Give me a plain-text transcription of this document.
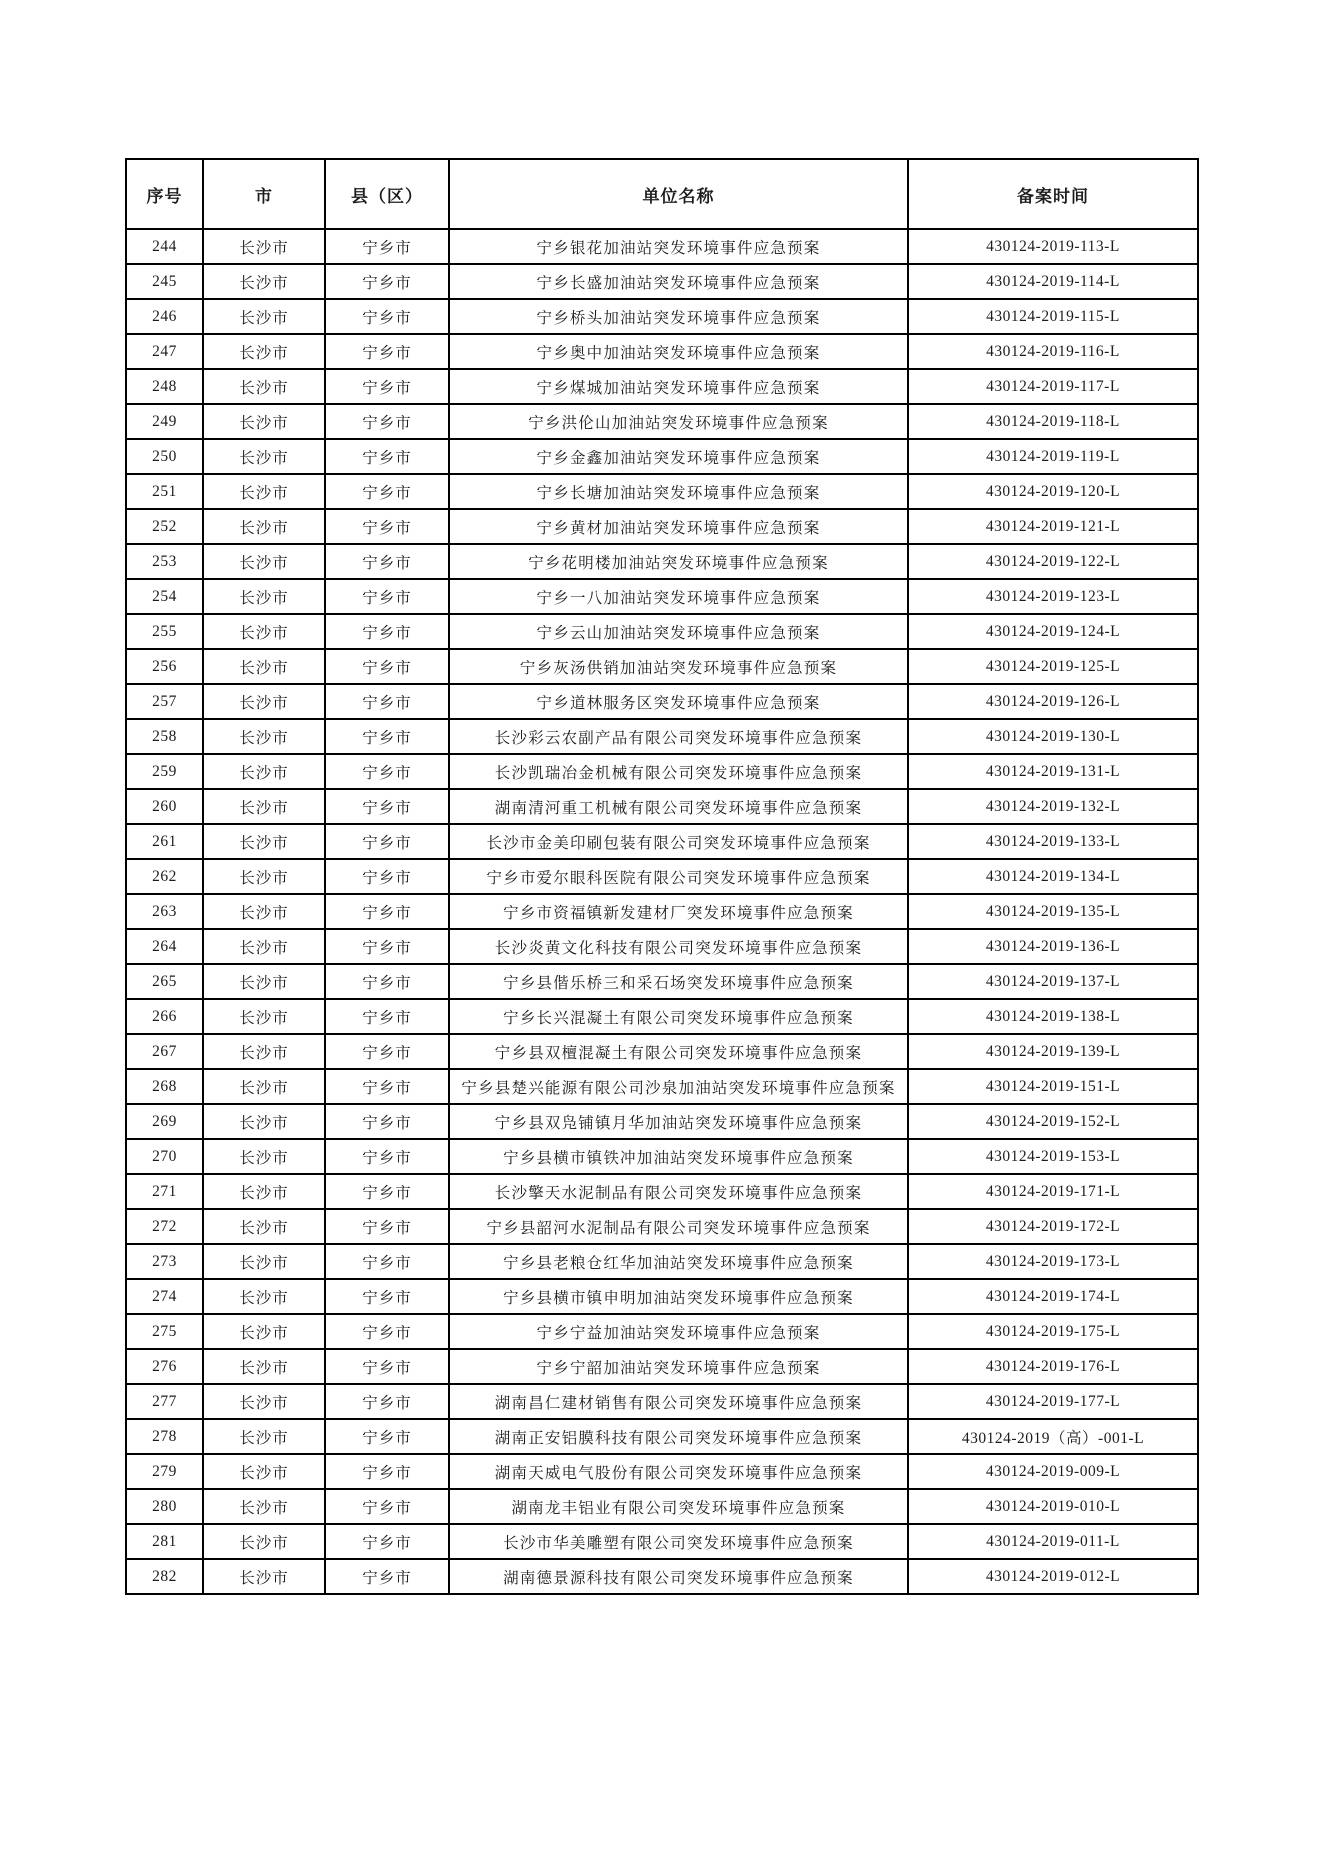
序号	市	县（区）	单位名称	备案时间
244	长沙市	宁乡市	宁乡银花加油站突发环境事件应急预案	430124-2019-113-L
245	长沙市	宁乡市	宁乡长盛加油站突发环境事件应急预案	430124-2019-114-L
246	长沙市	宁乡市	宁乡桥头加油站突发环境事件应急预案	430124-2019-115-L
247	长沙市	宁乡市	宁乡奥中加油站突发环境事件应急预案	430124-2019-116-L
248	长沙市	宁乡市	宁乡煤城加油站突发环境事件应急预案	430124-2019-117-L
249	长沙市	宁乡市	宁乡洪伦山加油站突发环境事件应急预案	430124-2019-118-L
250	长沙市	宁乡市	宁乡金鑫加油站突发环境事件应急预案	430124-2019-119-L
251	长沙市	宁乡市	宁乡长塘加油站突发环境事件应急预案	430124-2019-120-L
252	长沙市	宁乡市	宁乡黄材加油站突发环境事件应急预案	430124-2019-121-L
253	长沙市	宁乡市	宁乡花明楼加油站突发环境事件应急预案	430124-2019-122-L
254	长沙市	宁乡市	宁乡一八加油站突发环境事件应急预案	430124-2019-123-L
255	长沙市	宁乡市	宁乡云山加油站突发环境事件应急预案	430124-2019-124-L
256	长沙市	宁乡市	宁乡灰汤供销加油站突发环境事件应急预案	430124-2019-125-L
257	长沙市	宁乡市	宁乡道林服务区突发环境事件应急预案	430124-2019-126-L
258	长沙市	宁乡市	长沙彩云农副产品有限公司突发环境事件应急预案	430124-2019-130-L
259	长沙市	宁乡市	长沙凯瑞冶金机械有限公司突发环境事件应急预案	430124-2019-131-L
260	长沙市	宁乡市	湖南清河重工机械有限公司突发环境事件应急预案	430124-2019-132-L
261	长沙市	宁乡市	长沙市金美印刷包装有限公司突发环境事件应急预案	430124-2019-133-L
262	长沙市	宁乡市	宁乡市爱尔眼科医院有限公司突发环境事件应急预案	430124-2019-134-L
263	长沙市	宁乡市	宁乡市资福镇新发建材厂突发环境事件应急预案	430124-2019-135-L
264	长沙市	宁乡市	长沙炎黄文化科技有限公司突发环境事件应急预案	430124-2019-136-L
265	长沙市	宁乡市	宁乡县偕乐桥三和采石场突发环境事件应急预案	430124-2019-137-L
266	长沙市	宁乡市	宁乡长兴混凝土有限公司突发环境事件应急预案	430124-2019-138-L
267	长沙市	宁乡市	宁乡县双檀混凝土有限公司突发环境事件应急预案	430124-2019-139-L
268	长沙市	宁乡市	宁乡县楚兴能源有限公司沙泉加油站突发环境事件应急预案	430124-2019-151-L
269	长沙市	宁乡市	宁乡县双凫铺镇月华加油站突发环境事件应急预案	430124-2019-152-L
270	长沙市	宁乡市	宁乡县横市镇铁冲加油站突发环境事件应急预案	430124-2019-153-L
271	长沙市	宁乡市	长沙擎天水泥制品有限公司突发环境事件应急预案	430124-2019-171-L
272	长沙市	宁乡市	宁乡县韶河水泥制品有限公司突发环境事件应急预案	430124-2019-172-L
273	长沙市	宁乡市	宁乡县老粮仓红华加油站突发环境事件应急预案	430124-2019-173-L
274	长沙市	宁乡市	宁乡县横市镇申明加油站突发环境事件应急预案	430124-2019-174-L
275	长沙市	宁乡市	宁乡宁益加油站突发环境事件应急预案	430124-2019-175-L
276	长沙市	宁乡市	宁乡宁韶加油站突发环境事件应急预案	430124-2019-176-L
277	长沙市	宁乡市	湖南昌仁建材销售有限公司突发环境事件应急预案	430124-2019-177-L
278	长沙市	宁乡市	湖南正安铝膜科技有限公司突发环境事件应急预案	430124-2019（高）-001-L
279	长沙市	宁乡市	湖南天威电气股份有限公司突发环境事件应急预案	430124-2019-009-L
280	长沙市	宁乡市	湖南龙丰铝业有限公司突发环境事件应急预案	430124-2019-010-L
281	长沙市	宁乡市	长沙市华美雕塑有限公司突发环境事件应急预案	430124-2019-011-L
282	长沙市	宁乡市	湖南德景源科技有限公司突发环境事件应急预案	430124-2019-012-L
